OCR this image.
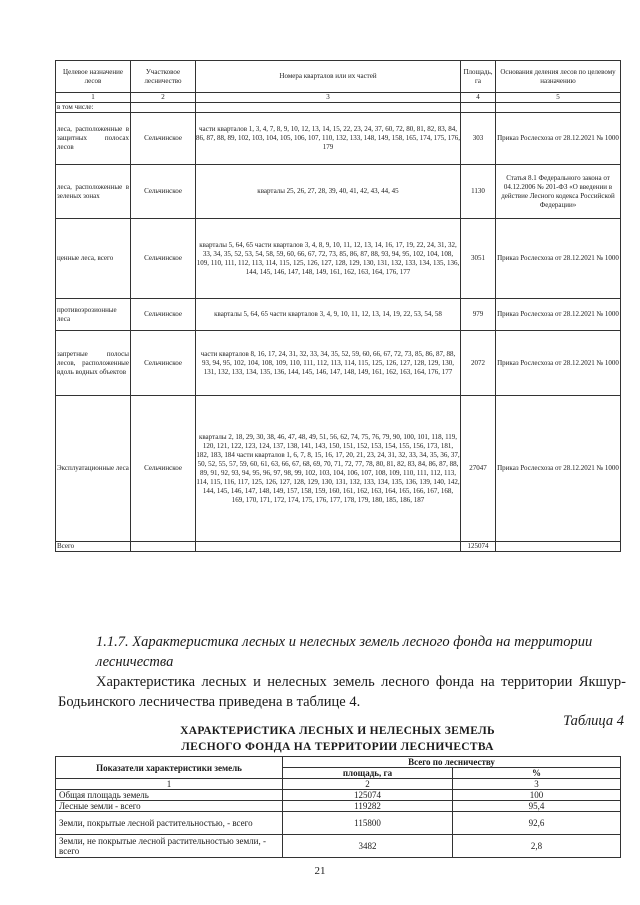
Целевое назначение лесов	Участковое лесничество	Номера кварталов или их частей	Площадь, га	Основания деления лесов по целевому назначению
1	2	3	4	5
в том числе:				
леса, расположенные в защитных полосах лесов	Сельчинское	части кварталов 1, 3, 4, 7, 8, 9, 10, 12, 13, 14, 15, 22, 23, 24, 37, 60, 72, 80, 81, 82, 83, 84, 86, 87, 88, 89, 102, 103, 104, 105, 106, 107, 110, 132, 133, 148, 149, 158, 165, 174, 175, 176, 179	303	Приказ Рослесхоза от 28.12.2021 № 1000
леса, расположенные в зеленых зонах	Сельчинское	кварталы 25, 26, 27, 28, 39, 40, 41, 42, 43, 44, 45	1130	Статья 8.1 Федерального закона от 04.12.2006 № 201-ФЗ «О введении в действие Лесного кодекса Российской Федерации»
ценные леса, всего	Сельчинское	кварталы 5, 64, 65 части кварталов 3, 4, 8, 9, 10, 11, 12, 13, 14, 16, 17, 19, 22, 24, 31, 32, 33, 34, 35, 52, 53, 54, 58, 59, 60, 66, 67, 72, 73, 85, 86, 87, 88, 93, 94, 95, 102, 104, 108, 109, 110, 111, 112, 113, 114, 115, 125, 126, 127, 128, 129, 130, 131, 132, 133, 134, 135, 136, 144, 145, 146, 147, 148, 149, 161, 162, 163, 164, 176, 177	3051	Приказ Рослесхоза от 28.12.2021 № 1000
противоэрозионные леса	Сельчинское	кварталы 5, 64, 65 части кварталов 3, 4, 9, 10, 11, 12, 13, 14, 19, 22, 53, 54, 58	979	Приказ Рослесхоза от 28.12.2021 № 1000
запретные полосы лесов, расположенные вдоль водных объектов	Сельчинское	части кварталов 8, 16, 17, 24, 31, 32, 33, 34, 35, 52, 59, 60, 66, 67, 72, 73, 85, 86, 87, 88, 93, 94, 95, 102, 104, 108, 109, 110, 111, 112, 113, 114, 115, 125, 126, 127, 128, 129, 130, 131, 132, 133, 134, 135, 136, 144, 145, 146, 147, 148, 149, 161, 162, 163, 164, 176, 177	2072	Приказ Рослесхоза от 28.12.2021 № 1000
Эксплуатационные леса	Сельчинское	кварталы 2, 18, 29, 30, 38, 46, 47, 48, 49, 51, 56, 62, 74, 75, 76, 79, 90, 100, 101, 118, 119, 120, 121, 122, 123, 124, 137, 138, 141, 143, 150, 151, 152, 153, 154, 155, 156, 173, 181, 182, 183, 184 части кварталов 1, 6, 7, 8, 15, 16, 17, 20, 21, 23, 24, 31, 32, 33, 34, 35, 36, 37, 50, 52, 55, 57, 59, 60, 61, 63, 66, 67, 68, 69, 70, 71, 72, 77, 78, 80, 81, 82, 83, 84, 86, 87, 88, 89, 91, 92, 93, 94, 95, 96, 97, 98, 99, 102, 103, 104, 106, 107, 108, 109, 110, 111, 112, 113, 114, 115, 116, 117, 125, 126, 127, 128, 129, 130, 131, 132, 133, 134, 135, 136, 139, 140, 142, 144, 145, 146, 147, 148, 149, 157, 158, 159, 160, 161, 162, 163, 164, 165, 166, 167, 168, 169, 170, 171, 172, 174, 175, 176, 177, 178, 179, 180, 185, 186, 187	27047	Приказ Рослесхоза от 28.12.2021 № 1000
Всего			125074	

1.1.7. Характеристика лесных и нелесных земель лесного фонда на территории лесничества

Характеристика лесных и нелесных земель лесного фонда на территории Якшур-Бодьинского лесничества приведена в таблице 4.

Таблица 4
ХАРАКТЕРИСТИКА ЛЕСНЫХ И НЕЛЕСНЫХ ЗЕМЕЛЬ
ЛЕСНОГО ФОНДА НА ТЕРРИТОРИИ ЛЕСНИЧЕСТВА
Показатели характеристики земель	Всего по лесничеству	
	площадь, га	%
1	2	3
Общая площадь земель	125074	100
Лесные земли - всего	119282	95,4
Земли, покрытые лесной растительностью, - всего	115800	92,6
Земли, не покрытые лесной растительностью земли, - всего	3482	2,8
21
